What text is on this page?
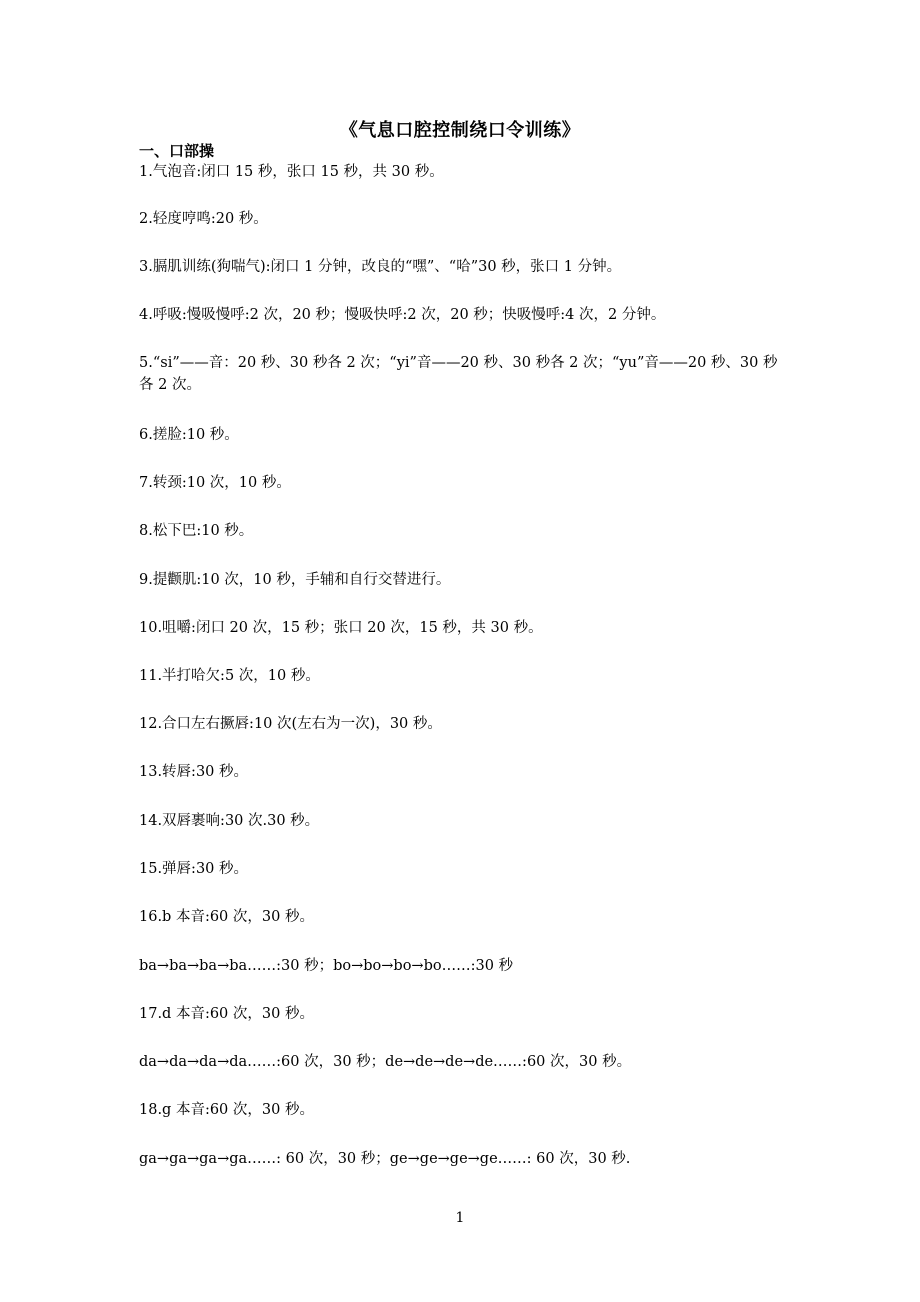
《气息口腔控制绕口令训练》
一、口部操
1.气泡音:闭口 15 秒，张口 15 秒，共 30 秒。
2.轻度哼鸣:20 秒。
3.膈肌训练(狗喘气):闭口 1 分钟，改良的“嘿”、“哈”30 秒，张口 1 分钟。
4.呼吸:慢吸慢呼:2 次，20 秒；慢吸快呼:2 次，20 秒；快吸慢呼:4 次，2 分钟。
5.“si”——音：20 秒、30 秒各 2 次；“yi”音——20 秒、30 秒各 2 次；“yu”音——20 秒、30 秒各 2 次。
6.搓脸:10 秒。
7.转颈:10 次，10 秒。
8.松下巴:10 秒。
9.提颧肌:10 次，10 秒，手辅和自行交替进行。
10.咀嚼:闭口 20 次，15 秒；张口 20 次，15 秒，共 30 秒。
11.半打哈欠:5 次，10 秒。
12.合口左右撅唇:10 次(左右为一次)，30 秒。
13.转唇:30 秒。
14.双唇裹响:30 次.30 秒。
15.弹唇:30 秒。
16.b 本音:60 次，30 秒。
ba→ba→ba→ba……:30 秒；bo→bo→bo→bo……:30 秒
17.d 本音:60 次，30 秒。
da→da→da→da……:60 次，30 秒；de→de→de→de……:60 次，30 秒。
18.g 本音:60 次，30 秒。
ga→ga→ga→ga……: 60 次，30 秒；ge→ge→ge→ge……: 60 次，30 秒.
1
